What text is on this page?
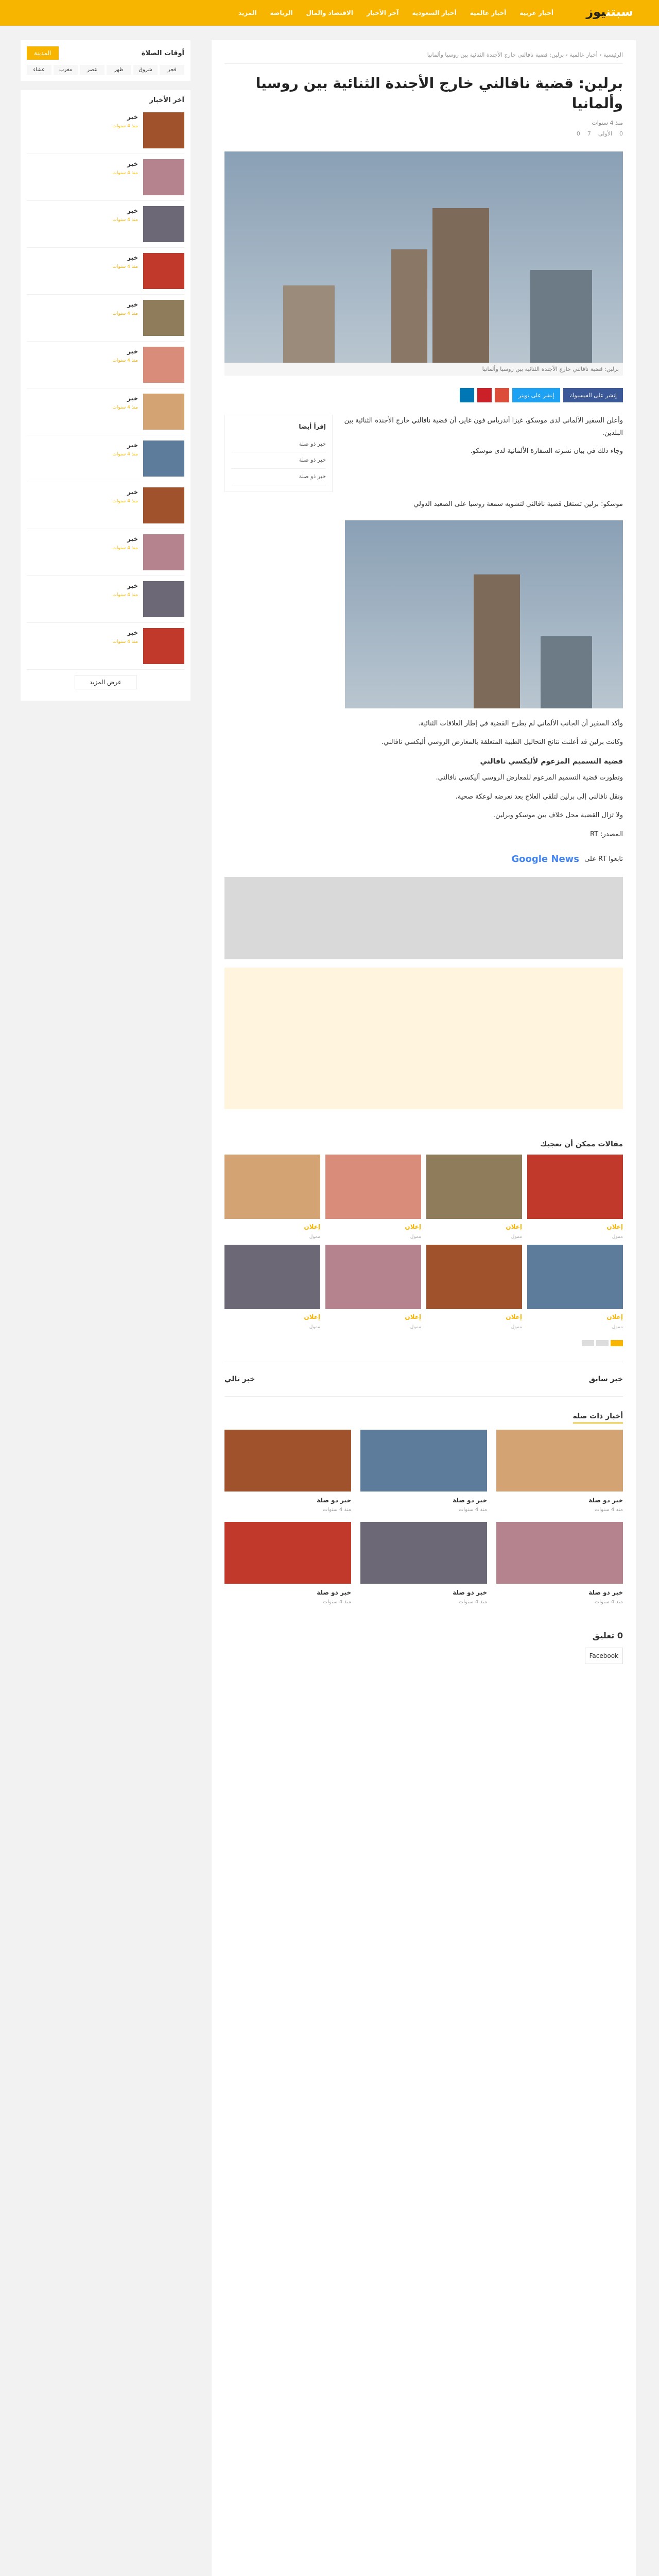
سبتنيوز
أخبار عربية
أخبار عالمية
أخبار السعودية
آخر الأخبار
الاقتصاد والمال
الرياضة
المزيد
الرئيسية › أخبار عالمية › برلين: قضية نافالني خارج الأجندة الثنائية بين روسيا وألمانيا
برلين: قضية نافالني خارج الأجندة الثنائية بين روسيا وألمانيا
منذ 4 سنوات
0
الأولى
7
0
برلين: قضية نافالني خارج الأجندة الثنائية بين روسيا وألمانيا
إنشر على الفيسبوك
إنشر على تويتر

وأعلن السفير الألماني لدى موسكو، غيزا أندرياس فون غاير، أن قضية نافالني خارج الأجندة الثنائية بين البلدين.

وجاء ذلك في بيان نشرته السفارة الألمانية لدى موسكو.

إقرأ أيضا
خبر ذو صلة
خبر ذو صلة
خبر ذو صلة

موسكو: برلين تستغل قضية نافالني لتشويه سمعة روسيا على الصعيد الدولي

وأكد السفير أن الجانب الألماني لم يطرح القضية في إطار العلاقات الثنائية.

وكانت برلين قد أعلنت نتائج التحاليل الطبية المتعلقة بالمعارض الروسي أليكسي نافالني.

قضية التسميم المزعوم لأليكسي نافالني

وتطورت قضية التسميم المزعوم للمعارض الروسي أليكسي نافالني.

ونقل نافالني إلى برلين لتلقي العلاج بعد تعرضه لوعكة صحية.

ولا تزال القضية محل خلاف بين موسكو وبرلين.

المصدر: RT

تابعوا RT على
Google News
مقالات ممكن أن تعجبك
إعلان
ممول
إعلان
ممول
إعلان
ممول
إعلان
ممول
إعلان
ممول
إعلان
ممول
إعلان
ممول
إعلان
ممول
خبر سابق
خبر تالي
أخبار ذات صلة
خبر ذو صلة
منذ 4 سنوات
خبر ذو صلة
منذ 4 سنوات
خبر ذو صلة
منذ 4 سنوات
خبر ذو صلة
منذ 4 سنوات
خبر ذو صلة
منذ 4 سنوات
خبر ذو صلة
منذ 4 سنوات
0 تعليق
Facebook
أوقات الصلاة
المدينة
فجر
شروق
ظهر
عصر
مغرب
عشاء
آخر الأخبار
خبر
منذ 4 سنوات
خبر
منذ 4 سنوات
خبر
منذ 4 سنوات
خبر
منذ 4 سنوات
خبر
منذ 4 سنوات
خبر
منذ 4 سنوات
خبر
منذ 4 سنوات
خبر
منذ 4 سنوات
خبر
منذ 4 سنوات
خبر
منذ 4 سنوات
خبر
منذ 4 سنوات
خبر
منذ 4 سنوات
عرض المزيد
